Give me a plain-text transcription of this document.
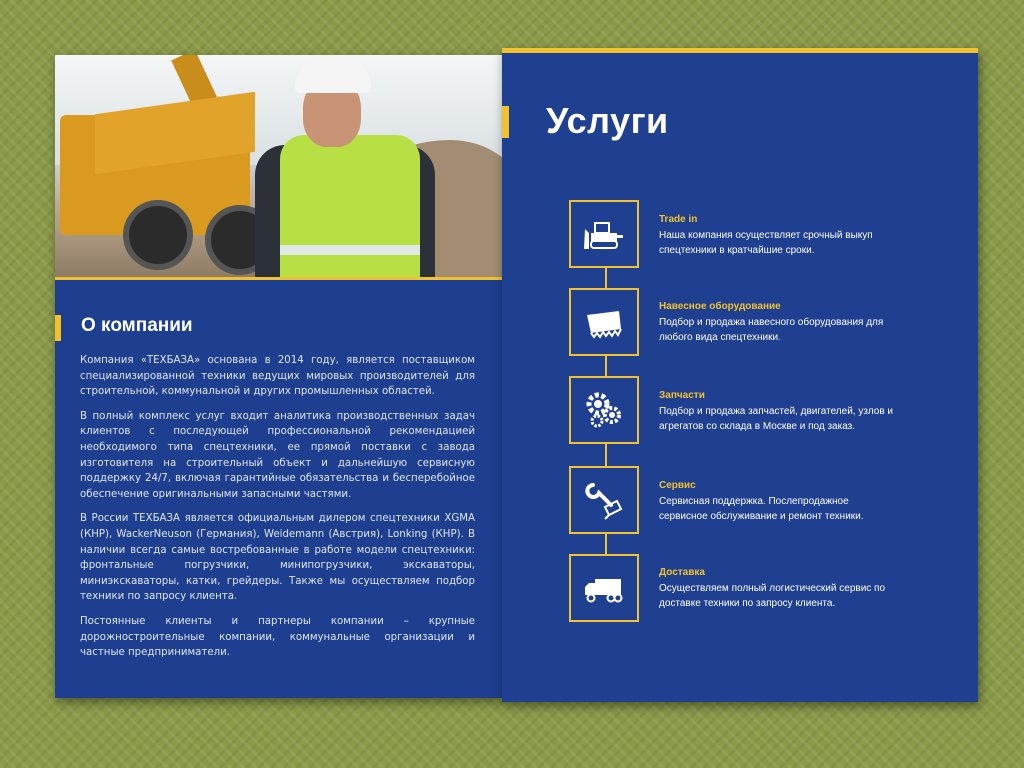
О компании

Компания «ТЕХБАЗА» основана в 2014 году, является поставщиком специализированной техники ведущих мировых производителей для строительной, коммунальной и других промышленных областей.

В полный комплекс услуг входит аналитика производственных задач клиентов с последующей профессиональной рекомендацией необходимого типа спецтехники, ее прямой поставки с завода изготовителя на строительный объект и дальнейшую сервисную поддержку 24/7, включая гарантийные обязательства и бесперебойное обеспечение оригинальными запасными частями.

В России ТЕХБАЗА является официальным дилером спецтехники XGMA (КНР), WackerNeuson (Германия), Weidemann (Австрия), Lonking (КНР). В наличии всегда самые востребованные в работе модели спецтехники: фронтальные погрузчики, минипогрузчики, экскаваторы, миниэкскаваторы, катки, грейдеры. Также мы осуществляем подбор техники по запросу клиента.

Постоянные клиенты и партнеры компании – крупные дорожностроительные компании, коммунальные организации и частные предприниматели.

Услуги
Trade in
Наша компания осуществляет срочный выкуп спецтехники в кратчайшие сроки.
Навесное оборудование
Подбор и продажа навесного оборудования для любого вида спецтехники.
Запчасти
Подбор и продажа запчастей, двигателей, узлов и агрегатов со склада в Москве и под заказ.
Сервис
Сервисная поддержка. Послепродажное сервисное обслуживание и ремонт техники.
Доставка
Осуществляем полный логистический сервис по доставке техники по запросу клиента.
